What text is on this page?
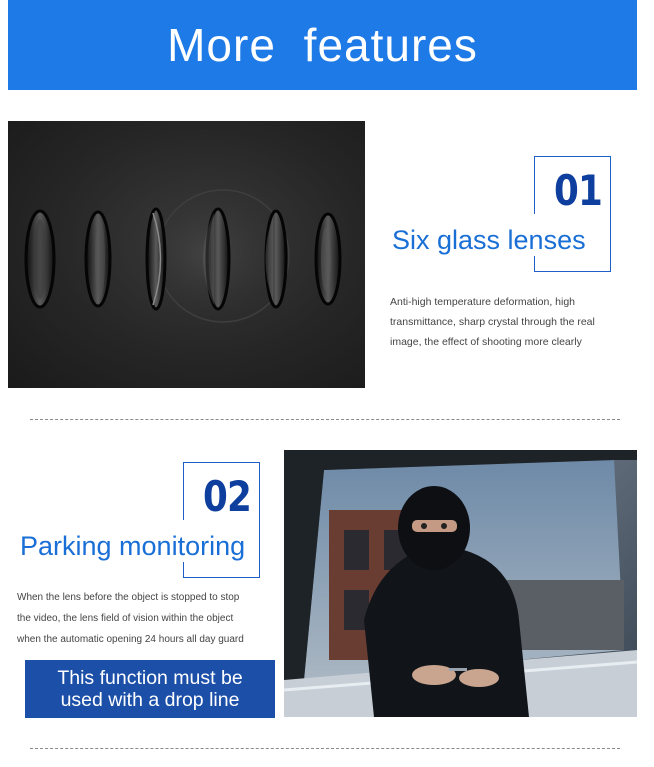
More features
01
Six glass lenses
Anti-high temperature deformation, high
transmittance, sharp crystal through the real
image, the effect of shooting more clearly
02
Parking monitoring
When the lens before the object is stopped to stop
the video, the lens field of vision within the object
when the automatic opening 24 hours all day guard
This function must be
used with a drop line
